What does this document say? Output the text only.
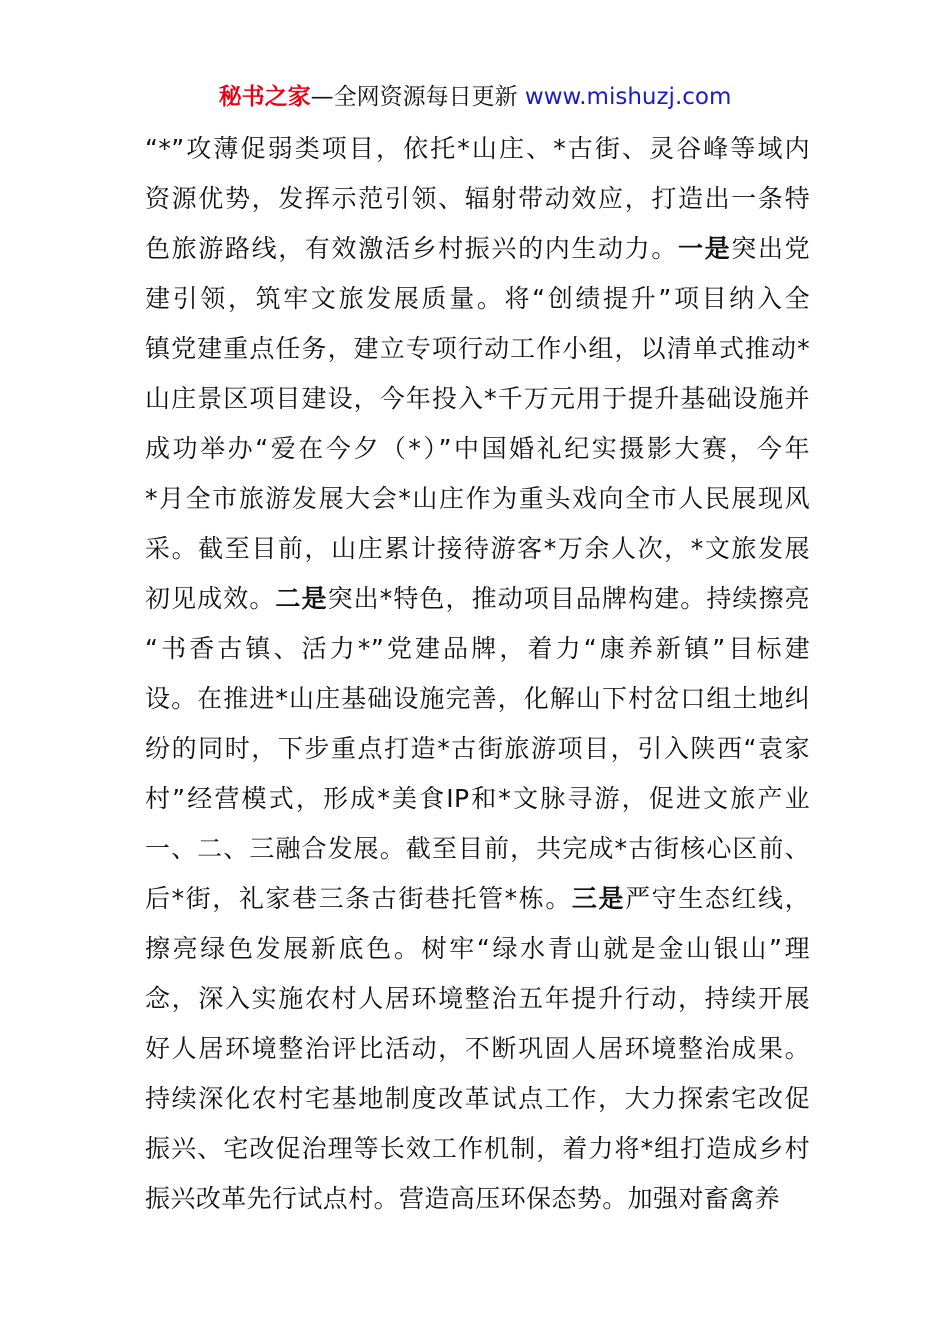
秘书之家—全网资源每日更新 www.mishuzj.com
“*”攻薄促弱类项目，依托*山庄、*古街、灵谷峰等域内
资源优势，发挥示范引领、辐射带动效应，打造出一条特
色旅游路线，有效激活乡村振兴的内生动力。一是突出党
建引领，筑牢文旅发展质量。将“创绩提升”项目纳入全
镇党建重点任务，建立专项行动工作小组，以清单式推动*
山庄景区项目建设，今年投入*千万元用于提升基础设施并
成功举办“爱在今夕（*）”中国婚礼纪实摄影大赛，今年
*月全市旅游发展大会*山庄作为重头戏向全市人民展现风
采。截至目前，山庄累计接待游客*万余人次，*文旅发展
初见成效。二是突出*特色，推动项目品牌构建。持续擦亮
“书香古镇、活力*”党建品牌，着力“康养新镇”目标建
设。在推进*山庄基础设施完善，化解山下村岔口组土地纠
纷的同时，下步重点打造*古街旅游项目，引入陕西“袁家
村”经营模式，形成*美食IP和*文脉寻游，促进文旅产业
一、二、三融合发展。截至目前，共完成*古街核心区前、
后*街，礼家巷三条古街巷托管*栋。三是严守生态红线，
擦亮绿色发展新底色。树牢“绿水青山就是金山银山”理
念，深入实施农村人居环境整治五年提升行动，持续开展
好人居环境整治评比活动，不断巩固人居环境整治成果。
持续深化农村宅基地制度改革试点工作，大力探索宅改促
振兴、宅改促治理等长效工作机制，着力将*组打造成乡村
振兴改革先行试点村。营造高压环保态势。加强对畜禽养
